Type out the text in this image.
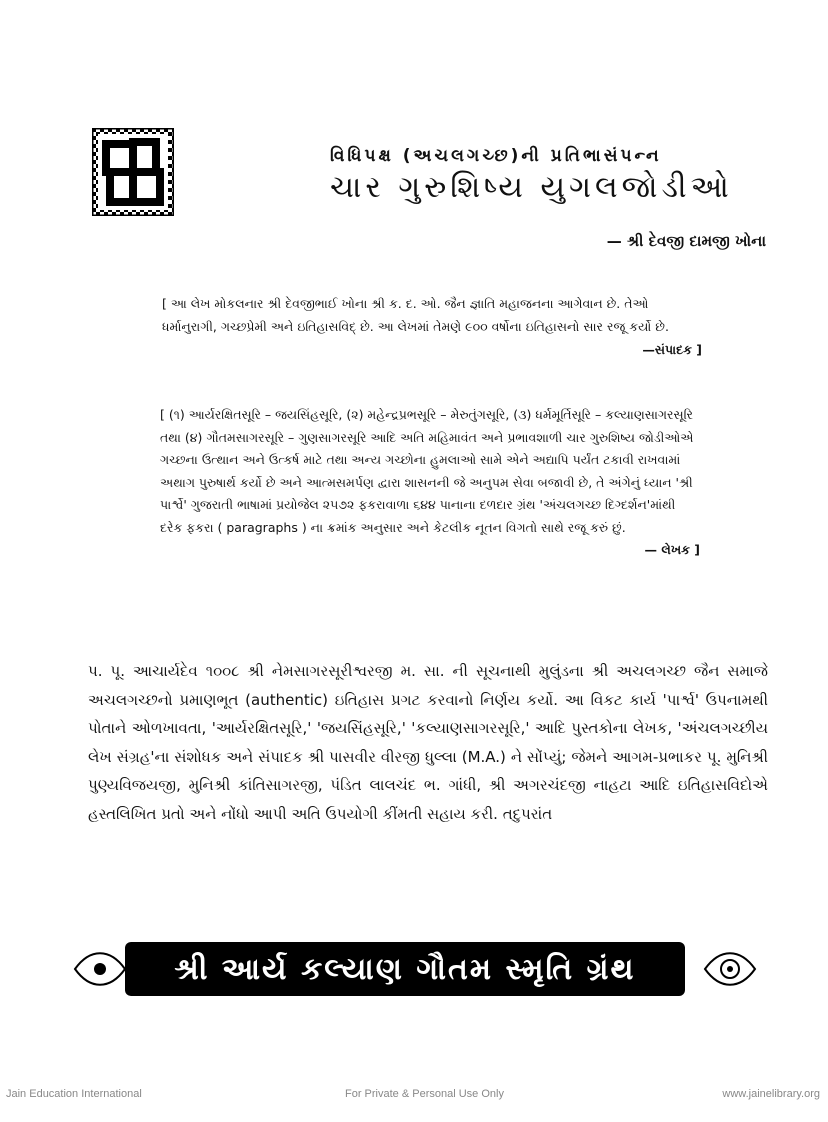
વિધિપક્ષ (અચલગચ્છ)ની પ્રતિભાસંપન્ન
ચાર ગુરુશિષ્ય યુગલજોડીઓ
— શ્રી દેવજી દામજી ખોના
[ આ લેખ મોકલનાર શ્રી દેવજીભાઈ ખોના શ્રી ક. દ. ઓ. જૈન જ્ઞાતિ મહાજનના આગેવાન છે. તેઓ ધર્માનુરાગી, ગચ્છપ્રેમી અને ઇતિહાસવિદ્ છે. આ લેખમાં તેમણે ૯૦૦ વર્ષોના ઇતિહાસનો સાર રજૂ કર્યો છે.
—સંપાદક ]
[ (૧) આર્યરક્ષિતસૂરિ – જયસિંહસૂરિ, (૨) મહેન્દ્રપ્રભસૂરિ – મેરુતુંગસૂરિ, (૩) ધર્મમૂર્તિસૂરિ – કલ્યાણસાગરસૂરિ તથા (૪) ગૌતમસાગરસૂરિ – ગુણસાગરસૂરિ આદિ અતિ મહિમાવંત અને પ્રભાવશાળી ચાર ગુરુશિષ્ય જોડીઓએ ગચ્છના ઉત્થાન અને ઉત્કર્ષ માટે તથા અન્ય ગચ્છોના હુમલાઓ સામે એને અદ્યાપિ પર્યંત ટકાવી રાખવામાં અથાગ પુરુષાર્થ કર્યો છે અને આત્મસમર્પણ દ્વારા શાસનની જે અનુપમ સેવા બજાવી છે, તે અંગેનું ધ્યાન 'શ્રી પાર્શ્વે' ગુજરાતી ભાષામાં પ્રયોજેલ ૨૫૭૨ ફકરાવાળા ૬૪૪ પાનાના દળદાર ગ્રંથ 'અંચલગચ્છ દિગ્દર્શન'માંથી દરેક ફકરા ( paragraphs ) ના ક્રમાંક અનુસાર અને કેટલીક નૂતન વિગતો સાથે રજૂ કરું છું.
— લેખક ]
પ. પૂ. આચાર્યદેવ ૧૦૦૮ શ્રી નેમસાગરસૂરીશ્વરજી મ. સા. ની સૂચનાથી મુલુંડના શ્રી અચલગચ્છ જૈન સમાજે અચલગચ્છનો પ્રમાણભૂત (authentic) ઇતિહાસ પ્રગટ કરવાનો નિર્ણય કર્યો. આ વિકટ કાર્ય 'પાર્શ્વ' ઉપનામથી પોતાને ઓળખાવતા, 'આર્યરક્ષિતસૂરિ,' 'જયસિંહસૂરિ,' 'કલ્યાણસાગરસૂરિ,' આદિ પુસ્તકોના લેખક, 'અંચલગચ્છીય લેખ સંગ્રહ'ના સંશોધક અને સંપાદક શ્રી પાસવીર વીરજી ધુલ્લા (M.A.) ને સોંપ્યું; જેમને આગમ-પ્રભાકર પૂ. મુનિશ્રી પુણ્યવિજયજી, મુનિશ્રી કાંતિસાગરજી, પંડિત લાલચંદ ભ. ગાંધી, શ્રી અગરચંદજી નાહટા આદિ ઇતિહાસવિદોએ હસ્તલિખિત પ્રતો અને નોંધો આપી અતિ ઉપયોગી કીંમતી સહાય કરી. તદુપરાંત
શ્રી આર્ય કલ્યાણ ગૌતમ સ્મૃતિ ગ્રંથ
Jain Education International	For Private & Personal Use Only	www.jainelibrary.org
